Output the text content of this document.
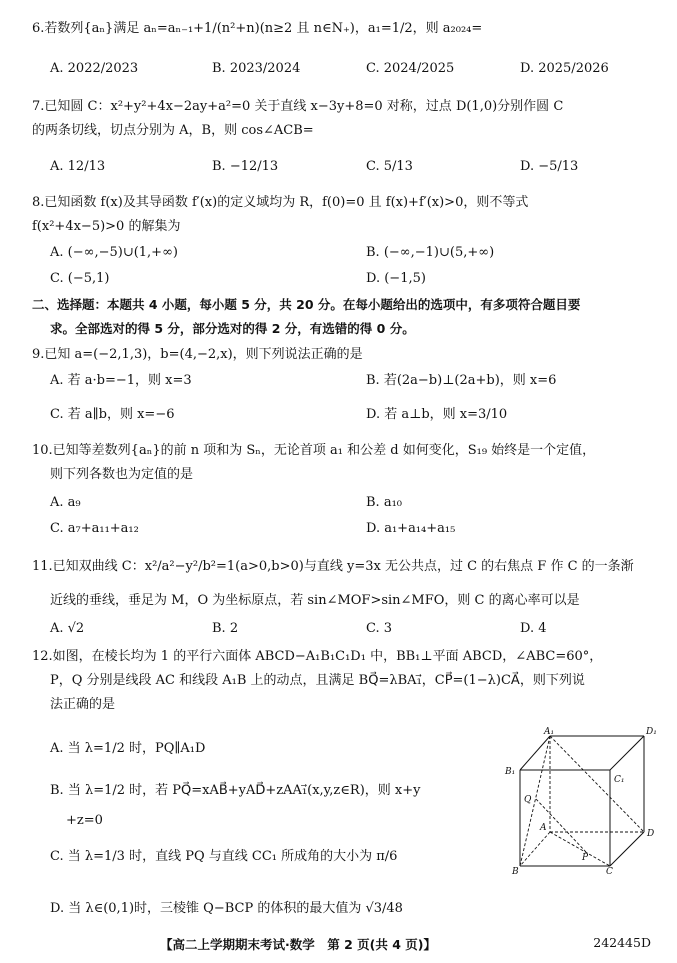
6.若数列{aₙ}满足 aₙ=aₙ₋₁+1/(n²+n)(n≥2 且 n∈N₊)，a₁=1/2，则 a₂₀₂₄=
A. 2022/2023	B. 2023/2024	C. 2024/2025	D. 2025/2026
7.已知圆 C：x²+y²+4x−2ay+a²=0 关于直线 x−3y+8=0 对称，过点 D(1,0)分别作圆 C
的两条切线，切点分别为 A，B，则 cos∠ACB=
A. 12/13	B. −12/13	C. 5/13	D. −5/13
8.已知函数 f(x)及其导函数 f′(x)的定义域均为 R，f(0)=0 且 f(x)+f′(x)>0，则不等式
f(x²+4x−5)>0 的解集为
A. (−∞,−5)∪(1,+∞)	B. (−∞,−1)∪(5,+∞)
C. (−5,1)	D. (−1,5)
二、选择题：本题共 4 小题，每小题 5 分，共 20 分。在每小题给出的选项中，有多项符合题目要
求。全部选对的得 5 分，部分选对的得 2 分，有选错的得 0 分。
9.已知 a=(−2,1,3)，b=(4,−2,x)，则下列说法正确的是
A. 若 a·b=−1，则 x=3	B. 若(2a−b)⊥(2a+b)，则 x=6
C. 若 a∥b，则 x=−6	D. 若 a⊥b，则 x=3/10
10.已知等差数列{aₙ}的前 n 项和为 Sₙ，无论首项 a₁ 和公差 d 如何变化，S₁₉ 始终是一个定值，
则下列各数也为定值的是
A. a₉	B. a₁₀
C. a₇+a₁₁+a₁₂	D. a₁+a₁₄+a₁₅
11.已知双曲线 C：x²/a²−y²/b²=1(a>0,b>0)与直线 y=3x 无公共点，过 C 的右焦点 F 作 C 的一条渐
近线的垂线，垂足为 M，O 为坐标原点，若 sin∠MOF>sin∠MFO，则 C 的离心率可以是
A. √2	B. 2	C. 3	D. 4
12.如图，在棱长均为 1 的平行六面体 ABCD−A₁B₁C₁D₁ 中，BB₁⊥平面 ABCD，∠ABC=60°，
P，Q 分别是线段 AC 和线段 A₁B 上的动点，且满足 BQ⃗=λBA₁⃗，CP⃗=(1−λ)CA⃗，则下列说
法正确的是
A. 当 λ=1/2 时，PQ∥A₁D
B. 当 λ=1/2 时，若 PQ⃗=xAB⃗+yAD⃗+zAA₁⃗(x,y,z∈R)，则 x+y
+z=0
C. 当 λ=1/3 时，直线 PQ 与直线 CC₁ 所成角的大小为 π/6
D. 当 λ∈(0,1)时，三棱锥 Q−BCP 的体积的最大值为 √3/48
A₁	D₁
B₁
C₁
Q
A
D
P
B	C
【高二上学期期末考试·数学　第 2 页(共 4 页)】	242445D
